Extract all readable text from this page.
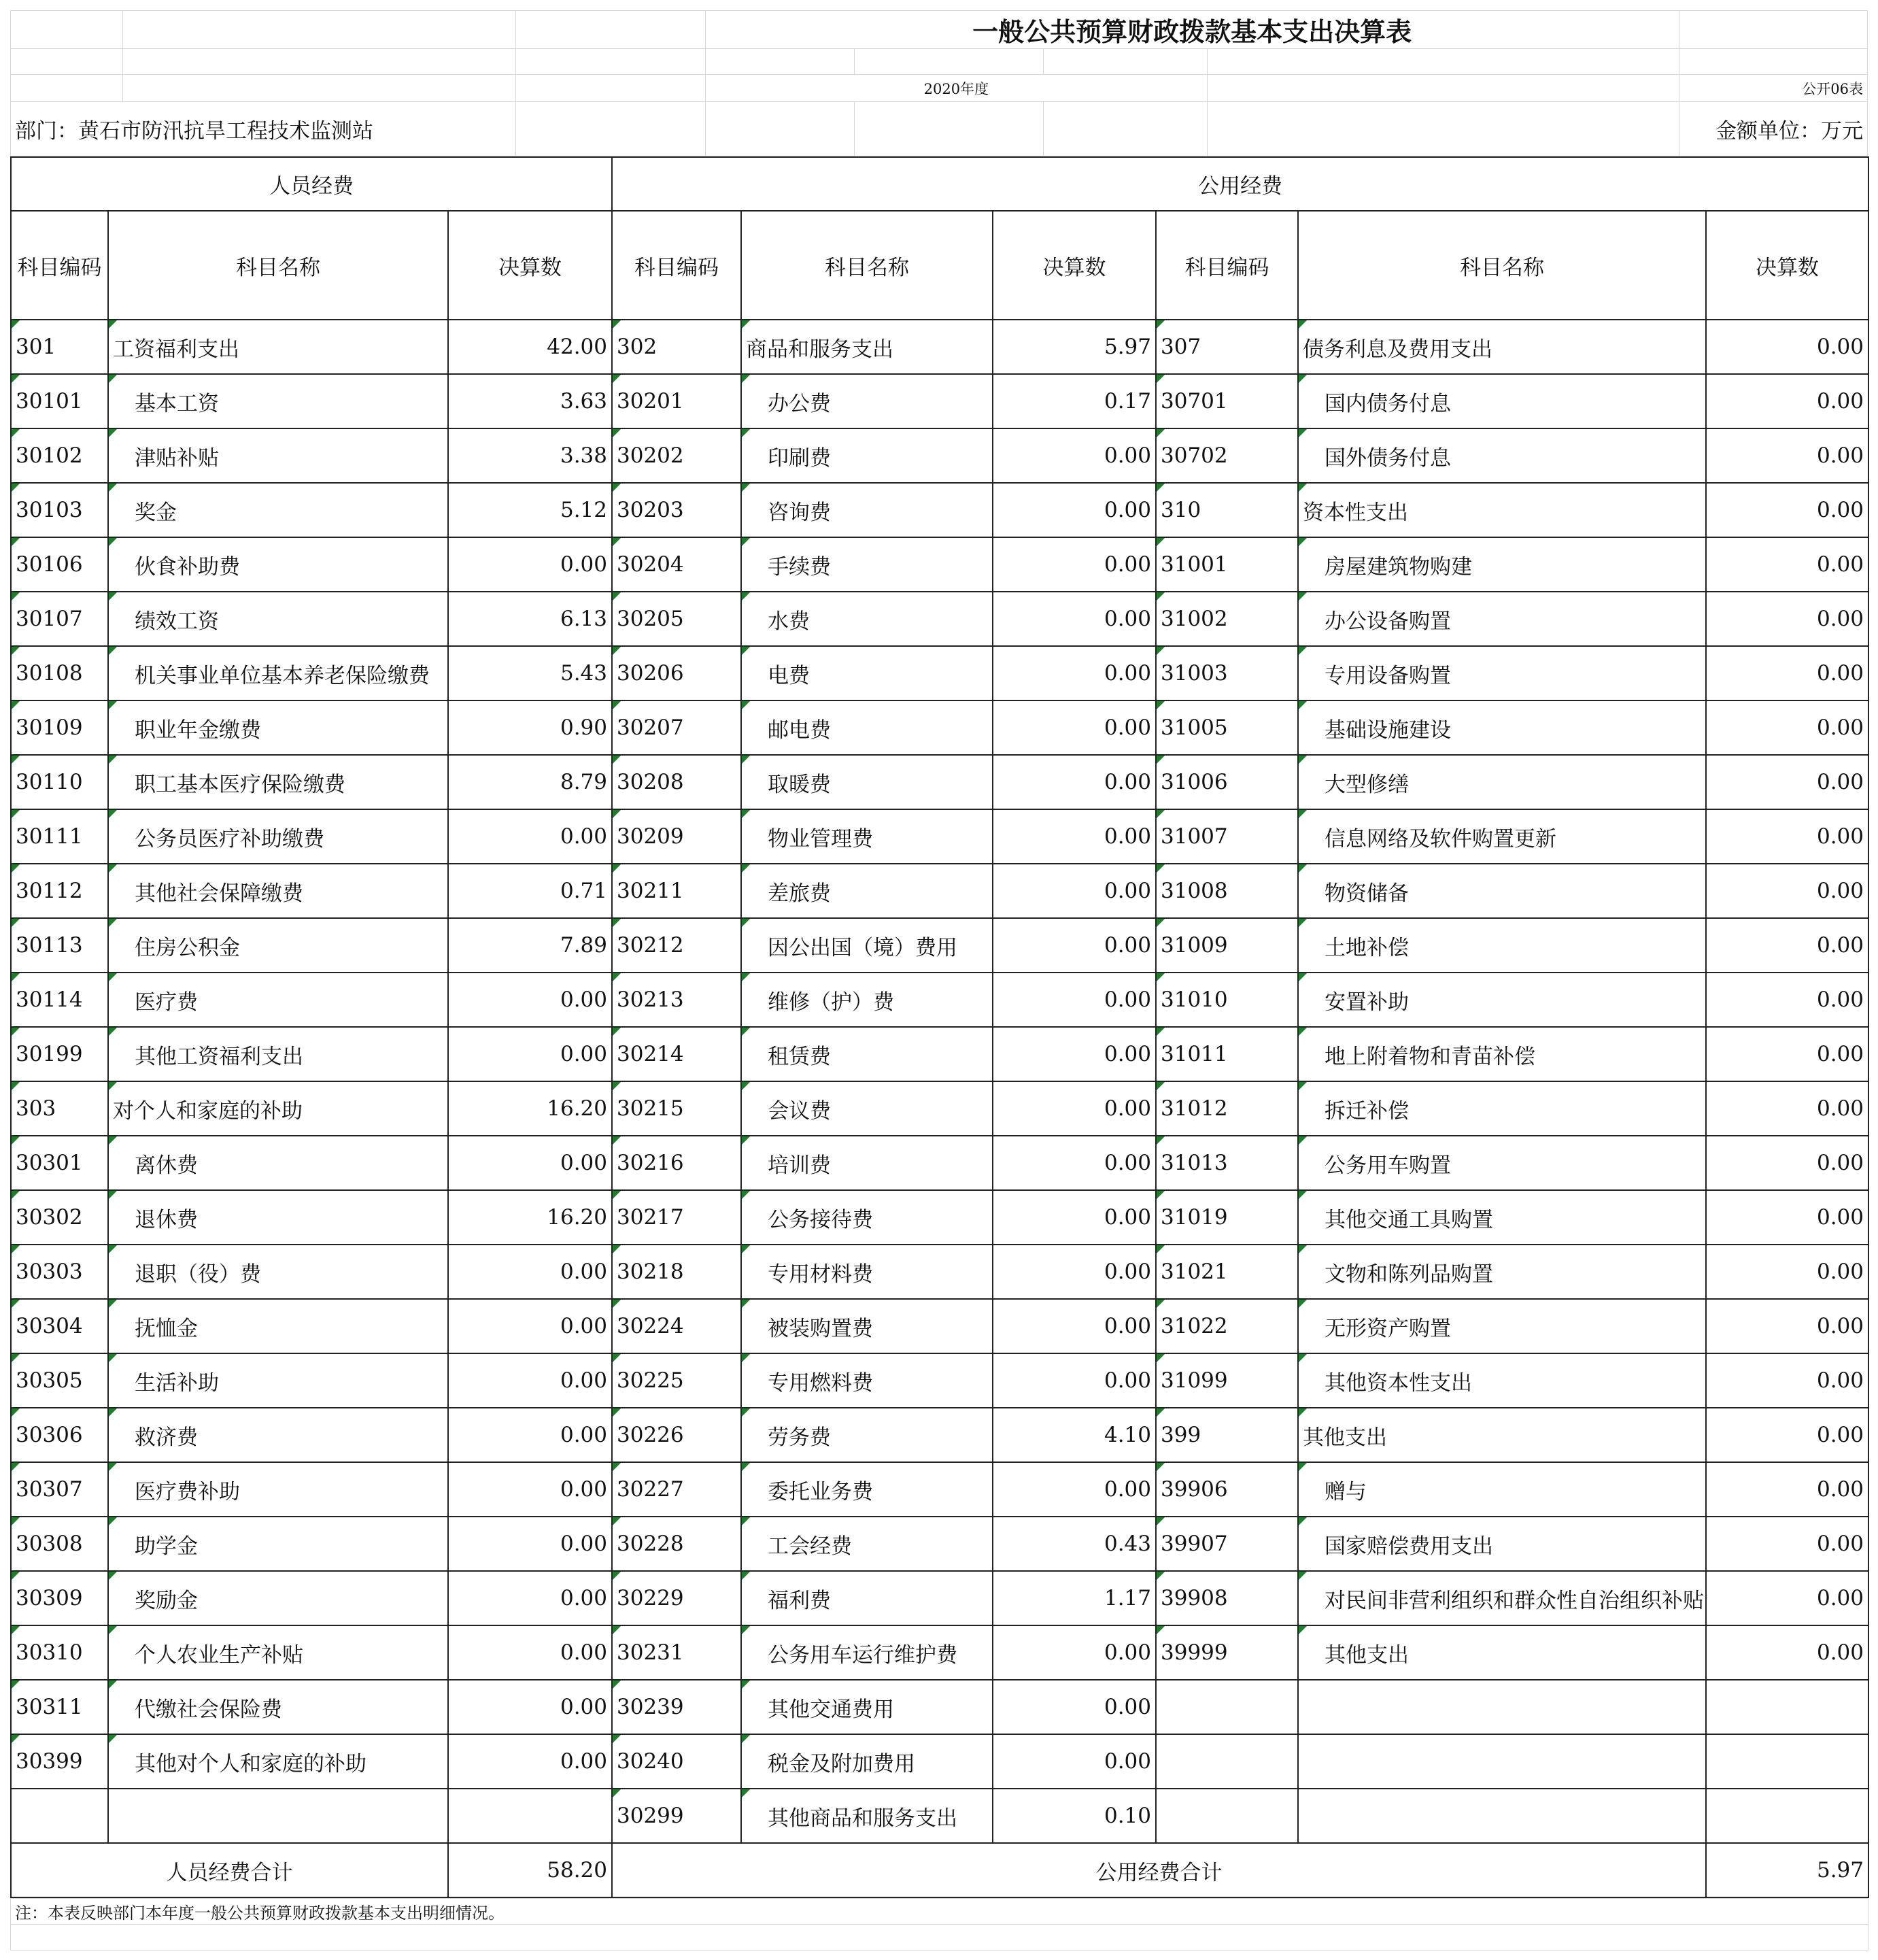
			一般公共预算财政拨款基本支出决算表				

			2020年度				公开06表
部门：黄石市防汛抗旱工程技术监测站							金额单位：万元
人员经费			公用经费					
科目编码	科目名称	决算数	科目编码	科目名称	决算数	科目编码	科目名称	决算数
301	工资福利支出	42.00	302	商品和服务支出	5.97	307	债务利息及费用支出	0.00
30101	基本工资	3.63	30201	办公费	0.17	30701	国内债务付息	0.00
30102	津贴补贴	3.38	30202	印刷费	0.00	30702	国外债务付息	0.00
30103	奖金	5.12	30203	咨询费	0.00	310	资本性支出	0.00
30106	伙食补助费	0.00	30204	手续费	0.00	31001	房屋建筑物购建	0.00
30107	绩效工资	6.13	30205	水费	0.00	31002	办公设备购置	0.00
30108	机关事业单位基本养老保险缴费	5.43	30206	电费	0.00	31003	专用设备购置	0.00
30109	职业年金缴费	0.90	30207	邮电费	0.00	31005	基础设施建设	0.00
30110	职工基本医疗保险缴费	8.79	30208	取暖费	0.00	31006	大型修缮	0.00
30111	公务员医疗补助缴费	0.00	30209	物业管理费	0.00	31007	信息网络及软件购置更新	0.00
30112	其他社会保障缴费	0.71	30211	差旅费	0.00	31008	物资储备	0.00
30113	住房公积金	7.89	30212	因公出国（境）费用	0.00	31009	土地补偿	0.00
30114	医疗费	0.00	30213	维修（护）费	0.00	31010	安置补助	0.00
30199	其他工资福利支出	0.00	30214	租赁费	0.00	31011	地上附着物和青苗补偿	0.00
303	对个人和家庭的补助	16.20	30215	会议费	0.00	31012	拆迁补偿	0.00
30301	离休费	0.00	30216	培训费	0.00	31013	公务用车购置	0.00
30302	退休费	16.20	30217	公务接待费	0.00	31019	其他交通工具购置	0.00
30303	退职（役）费	0.00	30218	专用材料费	0.00	31021	文物和陈列品购置	0.00
30304	抚恤金	0.00	30224	被装购置费	0.00	31022	无形资产购置	0.00
30305	生活补助	0.00	30225	专用燃料费	0.00	31099	其他资本性支出	0.00
30306	救济费	0.00	30226	劳务费	4.10	399	其他支出	0.00
30307	医疗费补助	0.00	30227	委托业务费	0.00	39906	赠与	0.00
30308	助学金	0.00	30228	工会经费	0.43	39907	国家赔偿费用支出	0.00
30309	奖励金	0.00	30229	福利费	1.17	39908	对民间非营利组织和群众性自治组织补贴	0.00
30310	个人农业生产补贴	0.00	30231	公务用车运行维护费	0.00	39999	其他支出	0.00
30311	代缴社会保险费	0.00	30239	其他交通费用	0.00			
30399	其他对个人和家庭的补助	0.00	30240	税金及附加费用	0.00			
			30299	其他商品和服务支出	0.10			
人员经费合计		58.20	公用经费合计					5.97
注：本表反映部门本年度一般公共预算财政拨款基本支出明细情况。
